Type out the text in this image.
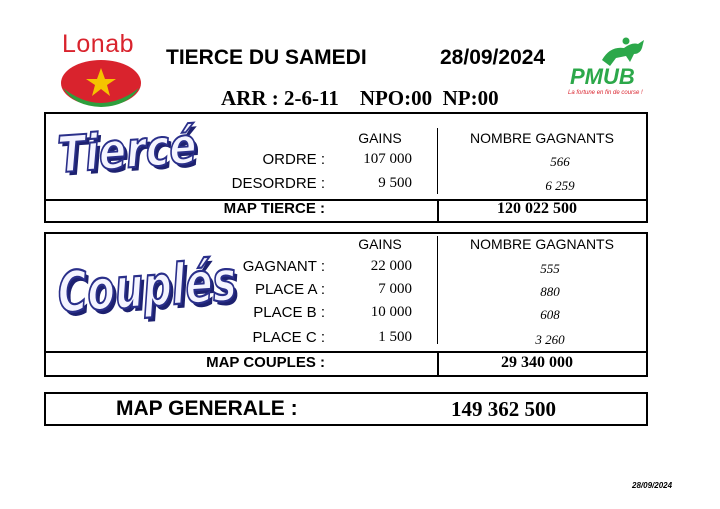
Lonab TIERCE DU SAMEDI	28/09/2024
ARR : 2-6-11    NPO:00  NP:00
PMUB
La fortune en fin de course !
Tiercé	GAINS	NOMBRE GAGNANTS
ORDRE :	107 000	566
DESORDRE :	9 500	6 259
MAP TIERCE :	120 022 500
Couplés
GAINS	NOMBRE GAGNANTS
GAGNANT :	22 000	555
PLACE A :	7 000	880
PLACE B :	10 000	608
PLACE C :	1 500	3 260
MAP COUPLES :	29 340 000
MAP GENERALE :	149 362 500
28/09/2024
